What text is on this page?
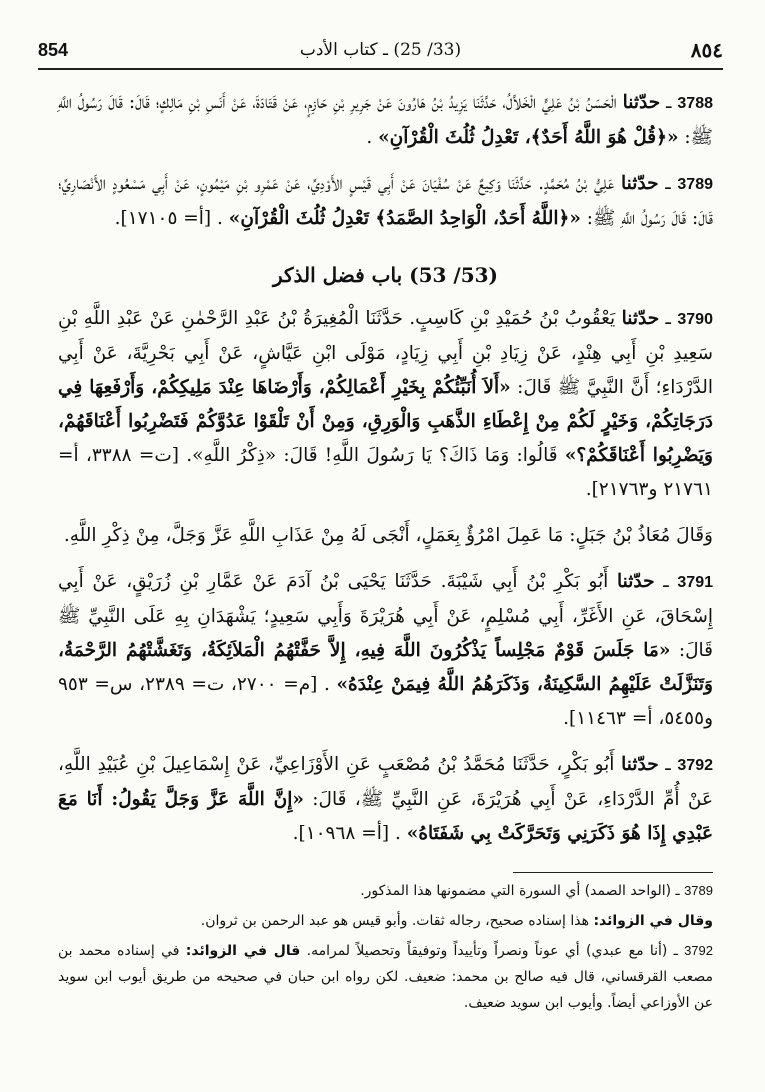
854	(33/ 25) ـ كتاب الأدب	٨٥٤

3788 ـ حدّثنا الْحَسَنُ بْنُ عَلِيٍّ الْخَلاَّلُ، حَدَّثَنَا يَزِيدُ بْنُ هَارُونَ عَنْ جَرِيرِ بْنِ حَازِمٍ، عَنْ قَتَادَةَ، عَنْ أَنَسِ بْنِ مَالِكٍ؛ قَالَ: قَالَ رَسُولُ اللَّهِ ﷺ: «﴿قُلْ هُوَ اللَّهُ أَحَدٌ﴾، تَعْدِلُ ثُلُثَ الْقُرْآنِ» .

3789 ـ حدّثنا عَلِيُّ بْنُ مُحَمَّدٍ. حَدَّثَنَا وَكِيعٌ عَنْ سُفْيَانَ عَنْ أَبِي قَيْسٍ الأَوْدِيِّ، عَنْ عَمْرِو بْنِ مَيْمُونٍ، عَنْ أَبِي مَسْعُودٍ الأَنْصَارِيِّ؛ قَالَ: قَالَ رَسُولُ اللَّهِ ﷺ: «﴿اللَّهُ أَحَدٌ، الْوَاحِدُ الصَّمَدُ﴾ تَعْدِلُ ثُلُثَ الْقُرْآنِ» . [أ= ١٧١٠٥].

(53/ 53) باب فضل الذكر

3790 ـ حدّثنا يَعْقُوبُ بْنُ حُمَيْدِ بْنِ كَاسِبٍ. حَدَّثَنَا الْمُغِيرَةُ بْنُ عَبْدِ الرَّحْمٰنِ عَنْ عَبْدِ اللَّهِ بْنِ سَعِيدِ بْنِ أَبِي هِنْدٍ، عَنْ زِيَادِ بْنِ أَبِي زِيَادٍ، مَوْلَى ابْنِ عَيَّاشٍ، عَنْ أَبِي بَحْرِيَّةَ، عَنْ أَبِي الدَّرْدَاءِ؛ أَنَّ النَّبِيَّ ﷺ قَالَ: «أَلاَ أُنَبِّئُكُمْ بِخَيْرِ أَعْمَالِكُمْ، وَأَرْضَاهَا عِنْدَ مَلِيكِكُمْ، وَأَرْفَعِهَا فِي دَرَجَاتِكُمْ، وَخَيْرٍ لَكُمْ مِنْ إِعْطَاءِ الذَّهَبِ وَالْوَرِقِ، وَمِنْ أَنْ تَلْقَوْا عَدُوَّكُمْ فَتَضْرِبُوا أَعْنَاقَهُمْ، وَيَضْرِبُوا أَعْنَاقَكُمْ؟» قَالُوا: وَمَا ذَاكَ؟ يَا رَسُولَ اللَّهِ! قَالَ: «ذِكْرُ اللَّهِ». [ت= ٣٣٨٨، أ= ٢١٧٦١ و٢١٧٦٣].

وَقَالَ مُعَاذُ بْنُ جَبَلٍ: مَا عَمِلَ امْرُؤٌ بِعَمَلٍ، أَنْجَى لَهُ مِنْ عَذَابِ اللَّهِ عَزَّ وَجَلَّ، مِنْ ذِكْرِ اللَّهِ.

3791 ـ حدّثنا أَبُو بَكْرِ بْنُ أَبِي شَيْبَةَ. حَدَّثَنَا يَحْيَى بْنُ آدَمَ عَنْ عَمَّارِ بْنِ زُرَيْقٍ، عَنْ أَبِي إِسْحَاقَ، عَنِ الأَغَرِّ، أَبِي مُسْلِمٍ، عَنْ أَبِي هُرَيْرَةَ وَأَبِي سَعِيدٍ؛ يَشْهَدَانِ بِهِ عَلَى النَّبِيِّ ﷺ قَالَ: «مَا جَلَسَ قَوْمٌ مَجْلِساً يَذْكُرُونَ اللَّهَ فِيهِ، إِلاَّ حَفَّتْهُمُ الْمَلاَئِكَةُ، وَتَغَشَّتْهُمُ الرَّحْمَةُ، وَتَنَزَّلَتْ عَلَيْهِمُ السَّكِينَةُ، وَذَكَرَهُمُ اللَّهُ فِيمَنْ عِنْدَهُ» . [م= ٢٧٠٠، ت= ٢٣٨٩، س= ٩٥٣ و٥٤٥٥، أ= ١١٤٦٣].

3792 ـ حدّثنا أَبُو بَكْرٍ، حَدَّثَنَا مُحَمَّدُ بْنُ مُصْعَبٍ عَنِ الأَوْزَاعِيِّ، عَنْ إِسْمَاعِيلَ بْنِ عُبَيْدِ اللَّهِ، عَنْ أُمِّ الدَّرْدَاءِ، عَنْ أَبِي هُرَيْرَةَ، عَنِ النَّبِيِّ ﷺ، قَالَ: «إِنَّ اللَّهَ عَزَّ وَجَلَّ يَقُولُ: أَنَا مَعَ عَبْدِي إِذَا هُوَ ذَكَرَنِي وَتَحَرَّكَتْ بِي شَفَتَاهُ» . [أ= ١٠٩٦٨].

3789 ـ (الواحد الصمد) أي السورة التي مضمونها هذا المذكور.

وقال في الزوائد: هذا إسناده صحيح، رجاله ثقات. وأبو قيس هو عبد الرحمن بن ثروان.

3792 ـ (أنا مع عبدي) أي عوناً ونصراً وتأييداً وتوفيقاً وتحصيلاً لمرامه. قال في الزوائد: في إسناده محمد بن مصعب القرقساني، قال فيه صالح بن محمد: ضعيف. لكن رواه ابن حبان في صحيحه من طريق أيوب ابن سويد عن الأوزاعي أيضاً. وأيوب ابن سويد ضعيف.
